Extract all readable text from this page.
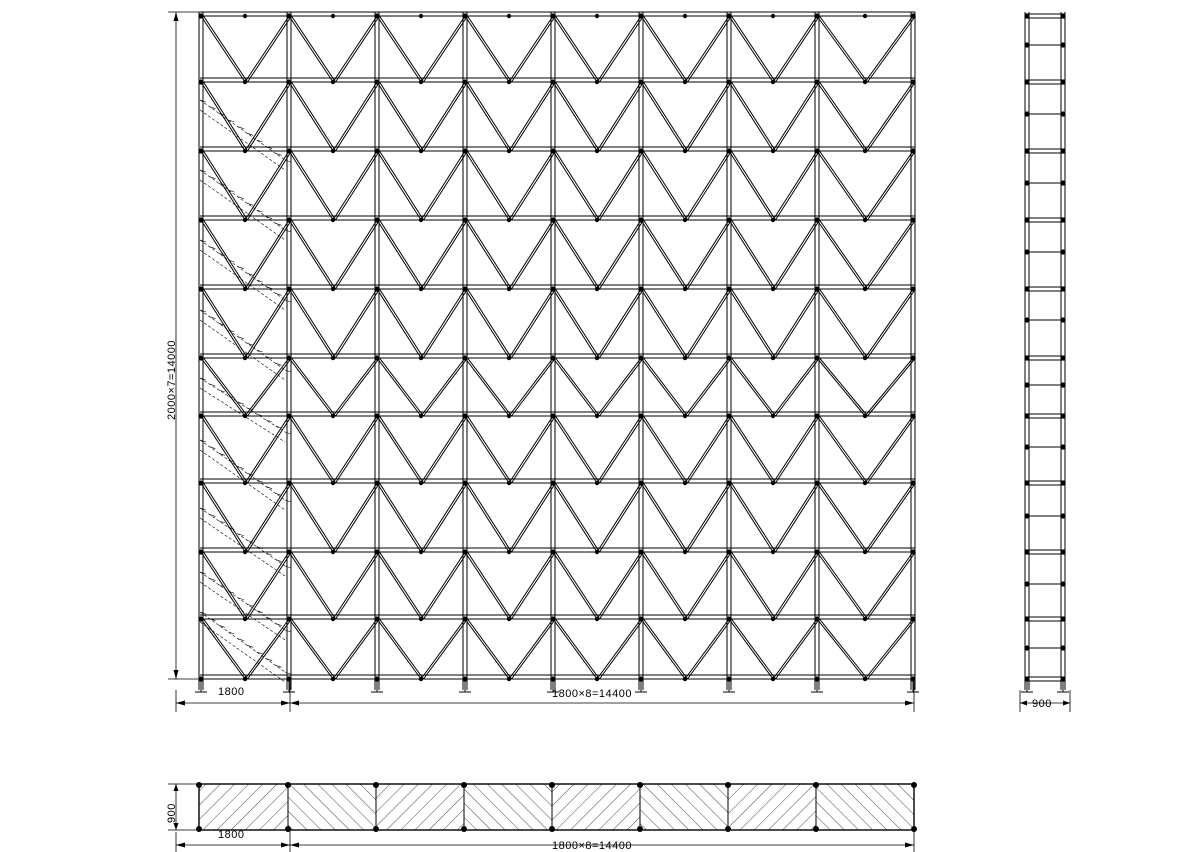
2000×7=14000
1800	1800×8=14400
900
900
1800
1800×8=14400
